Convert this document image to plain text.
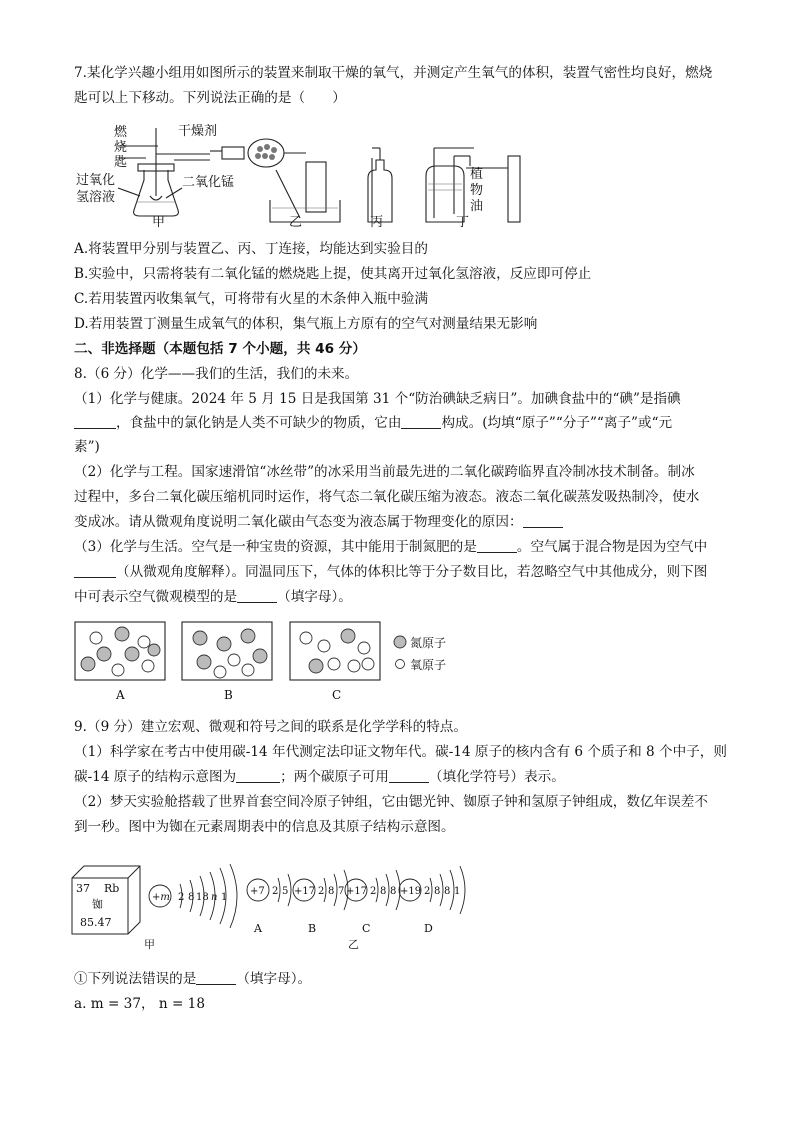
7.某化学兴趣小组用如图所示的装置来制取干燥的氧气，并测定产生氧气的体积，装置气密性均良好，燃烧
匙可以上下移动。下列说法正确的是（　　）
燃
烧
匙
干燥剂
过氧化
氢溶液
二氧化锰
植
物
油
甲	乙	丙	丁
A.将装置甲分别与装置乙、丙、丁连接，均能达到实验目的
B.实验中，只需将装有二氧化锰的燃烧匙上提，使其离开过氧化氢溶液，反应即可停止
C.若用装置丙收集氧气，可将带有火星的木条伸入瓶中验满
D.若用装置丁测量生成氧气的体积，集气瓶上方原有的空气对测量结果无影响
二、非选择题（本题包括 7 个小题，共 46 分）
8.（6 分）化学——我们的生活，我们的未来。
（1）化学与健康。2024 年 5 月 15 日是我国第 31 个“防治碘缺乏病日”。加碘食盐中的“碘”是指碘
，食盐中的氯化钠是人类不可缺少的物质，它由	构成。(均填“原子”“分子”“离子”或“元
素”)
（2）化学与工程。国家速滑馆“冰丝带”的冰采用当前最先进的二氧化碳跨临界直冷制冰技术制备。制冰
过程中，多台二氧化碳压缩机同时运作，将气态二氧化碳压缩为液态。液态二氧化碳蒸发吸热制冷，使水
变成冰。请从微观角度说明二氧化碳由气态变为液态属于物理变化的原因：
（3）化学与生活。空气是一种宝贵的资源，其中能用于制氮肥的是	。空气属于混合物是因为空气中
（从微观角度解释）。同温同压下，气体的体积比等于分子数目比，若忽略空气中其他成分，则下图
中可表示空气微观模型的是	（填字母）。
氮原子
氧原子
A	B	C
9.（9 分）建立宏观、微观和符号之间的联系是化学学科的特点。
（1）科学家在考古中使用碳-14 年代测定法印证文物年代。碳-14 原子的核内含有 6 个质子和 8 个中子，则
碳-14 原子的结构示意图为	；两个碳原子可用	（填化学符号）表示。
（2）梦天实验舱搭载了世界首套空间冷原子钟组，它由锶光钟、铷原子钟和氢原子钟组成，数亿年误差不
到一秒。图中为铷在元素周期表中的信息及其原子结构示意图。
37 Rb
铷
85.47
甲	乙
+m 2 8 18 n 1
+7 2 5
A
+17 2 8 7
B
+17 2 8 8
C
+19 2 8 8 1
D
①下列说法错误的是	（填字母）。
a. m = 37， n = 18
